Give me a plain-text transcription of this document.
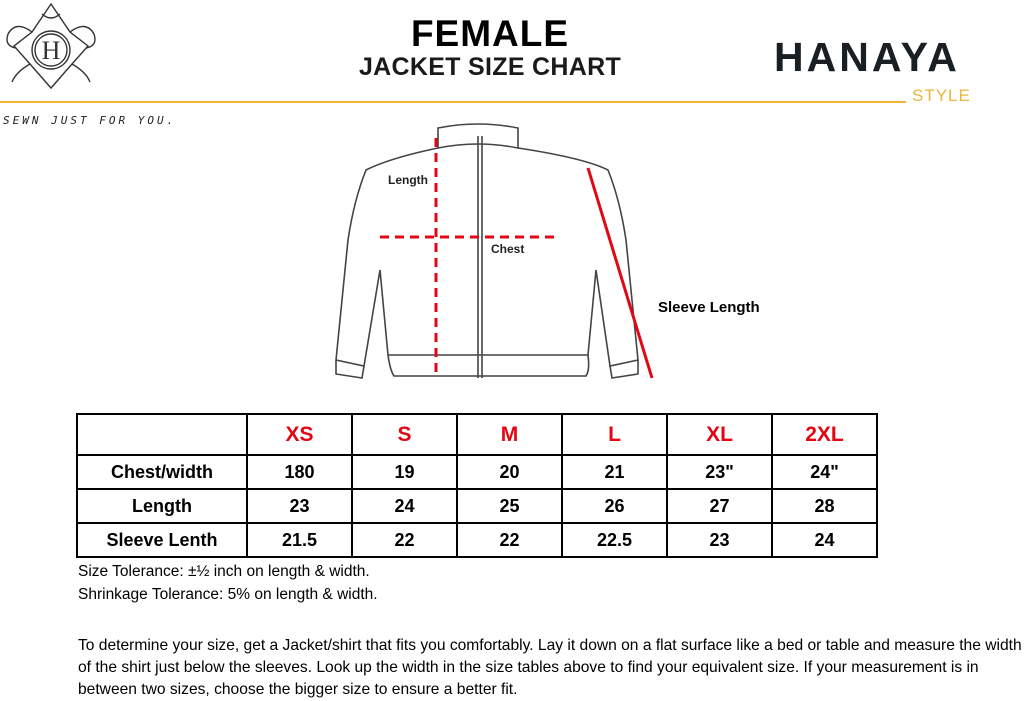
H	FEMALE
JACKET SIZE CHART	HANAYA
STYLE
SEWN JUST FOR YOU.
Length
Chest
Sleeve Length
	XS	S	M	L	XL	2XL
Chest/width	180	19	20	21	23"	24"
Length	23	24	25	26	27	28
Sleeve Lenth	21.5	22	22	22.5	23	24
Size Tolerance: ±½ inch on length & width.
Shrinkage Tolerance: 5% on length & width.
To determine your size, get a Jacket/shirt that fits you comfortably. Lay it down on a flat surface like a bed or table and measure the width of the shirt just below the sleeves. Look up the width in the size tables above to find your equivalent size. If your measurement is in between two sizes, choose the bigger size to ensure a better fit.
